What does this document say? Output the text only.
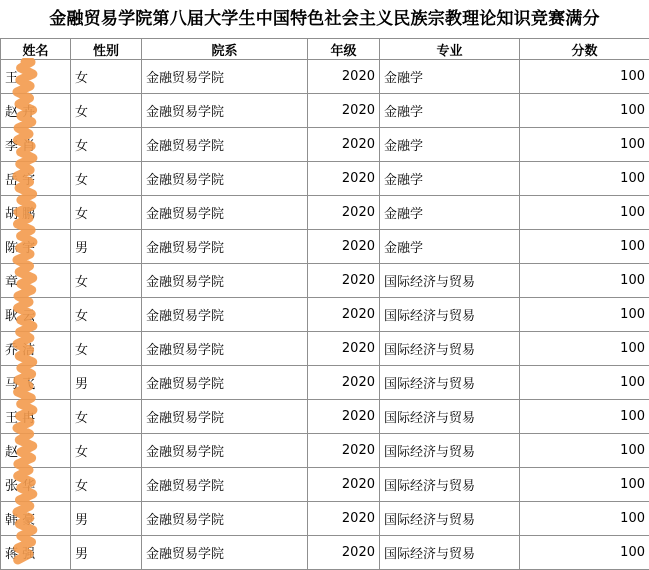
金融贸易学院第八届大学生中国特色社会主义民族宗教理论知识竞赛满分
姓名	性别	院系	年级	专业	分数
王	女	金融贸易学院	2020	金融学	100
赵 卉	女	金融贸易学院	2020	金融学	100
李 肖	女	金融贸易学院	2020	金融学	100
岳 宇	女	金融贸易学院	2020	金融学	100
胡 鹏	女	金融贸易学院	2020	金融学	100
陈 宇	男	金融贸易学院	2020	金融学	100
章	女	金融贸易学院	2020	国际经济与贸易	100
耿 云	女	金融贸易学院	2020	国际经济与贸易	100
乔 洁	女	金融贸易学院	2020	国际经济与贸易	100
马 飞	男	金融贸易学院	2020	国际经济与贸易	100
王 冉	女	金融贸易学院	2020	国际经济与贸易	100
赵	女	金融贸易学院	2020	国际经济与贸易	100
张 华	女	金融贸易学院	2020	国际经济与贸易	100
韩 豪	男	金融贸易学院	2020	国际经济与贸易	100
蒋 强	男	金融贸易学院	2020	国际经济与贸易	100
